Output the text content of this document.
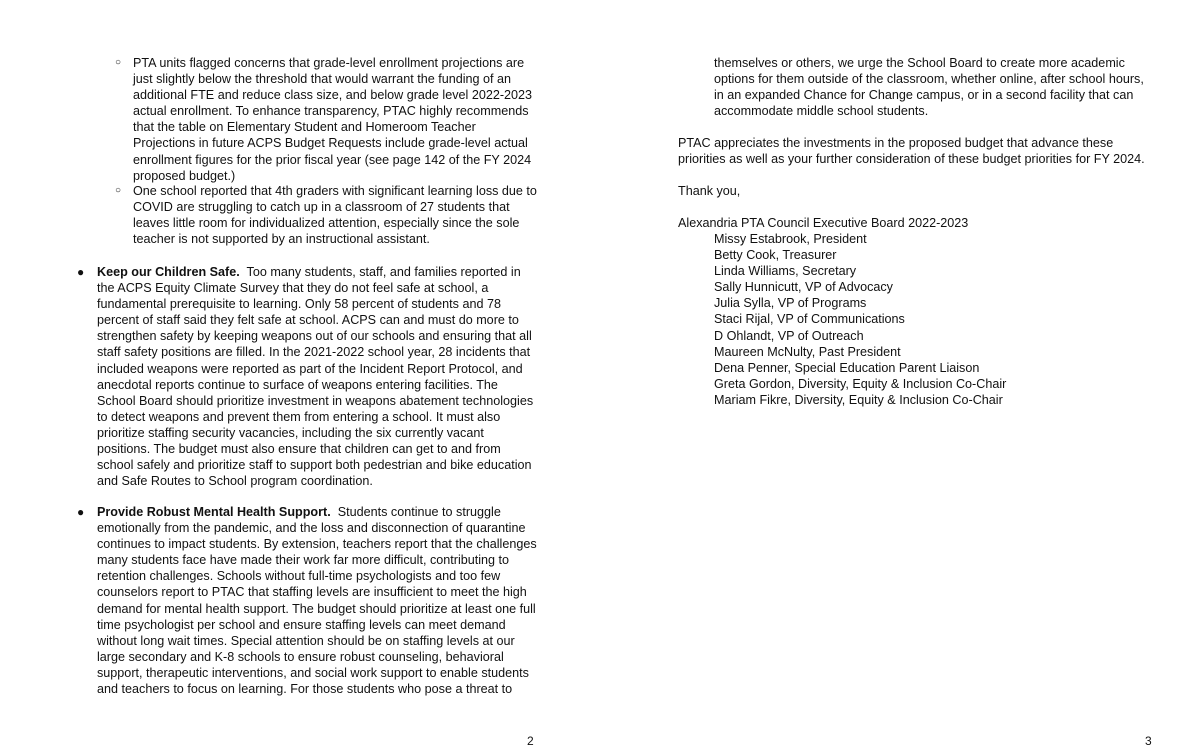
○ PTA units flagged concerns that grade-level enrollment projections are just slightly below the threshold that would warrant the funding of an additional FTE and reduce class size, and below grade level 2022-2023 actual enrollment. To enhance transparency, PTAC highly recommends that the table on Elementary Student and Homeroom Teacher Projections in future ACPS Budget Requests include grade-level actual enrollment figures for the prior fiscal year (see page 142 of the FY 2024 proposed budget.)
○ One school reported that 4th graders with significant learning loss due to COVID are struggling to catch up in a classroom of 27 students that leaves little room for individualized attention, especially since the sole teacher is not supported by an instructional assistant.
● Keep our Children Safe. Too many students, staff, and families reported in the ACPS Equity Climate Survey that they do not feel safe at school, a fundamental prerequisite to learning. Only 58 percent of students and 78 percent of staff said they felt safe at school. ACPS can and must do more to strengthen safety by keeping weapons out of our schools and ensuring that all staff safety positions are filled. In the 2021-2022 school year, 28 incidents that included weapons were reported as part of the Incident Report Protocol, and anecdotal reports continue to surface of weapons entering facilities. The School Board should prioritize investment in weapons abatement technologies to detect weapons and prevent them from entering a school. It must also prioritize staffing security vacancies, including the six currently vacant positions. The budget must also ensure that children can get to and from school safely and prioritize staff to support both pedestrian and bike education and Safe Routes to School program coordination.
● Provide Robust Mental Health Support. Students continue to struggle emotionally from the pandemic, and the loss and disconnection of quarantine continues to impact students. By extension, teachers report that the challenges many students face have made their work far more difficult, contributing to retention challenges. Schools without full-time psychologists and too few counselors report to PTAC that staffing levels are insufficient to meet the high demand for mental health support. The budget should prioritize at least one full time psychologist per school and ensure staffing levels can meet demand without long wait times. Special attention should be on staffing levels at our large secondary and K-8 schools to ensure robust counseling, behavioral support, therapeutic interventions, and social work support to enable students and teachers to focus on learning. For those students who pose a threat to
2
themselves or others, we urge the School Board to create more academic options for them outside of the classroom, whether online, after school hours, in an expanded Chance for Change campus, or in a second facility that can accommodate middle school students.
PTAC appreciates the investments in the proposed budget that advance these priorities as well as your further consideration of these budget priorities for FY 2024.
Thank you,
Alexandria PTA Council Executive Board 2022-2023
Missy Estabrook, President
Betty Cook, Treasurer
Linda Williams, Secretary
Sally Hunnicutt, VP of Advocacy
Julia Sylla, VP of Programs
Staci Rijal, VP of Communications
D Ohlandt, VP of Outreach
Maureen McNulty, Past President
Dena Penner, Special Education Parent Liaison
Greta Gordon, Diversity, Equity & Inclusion Co-Chair
Mariam Fikre, Diversity, Equity & Inclusion Co-Chair
3
